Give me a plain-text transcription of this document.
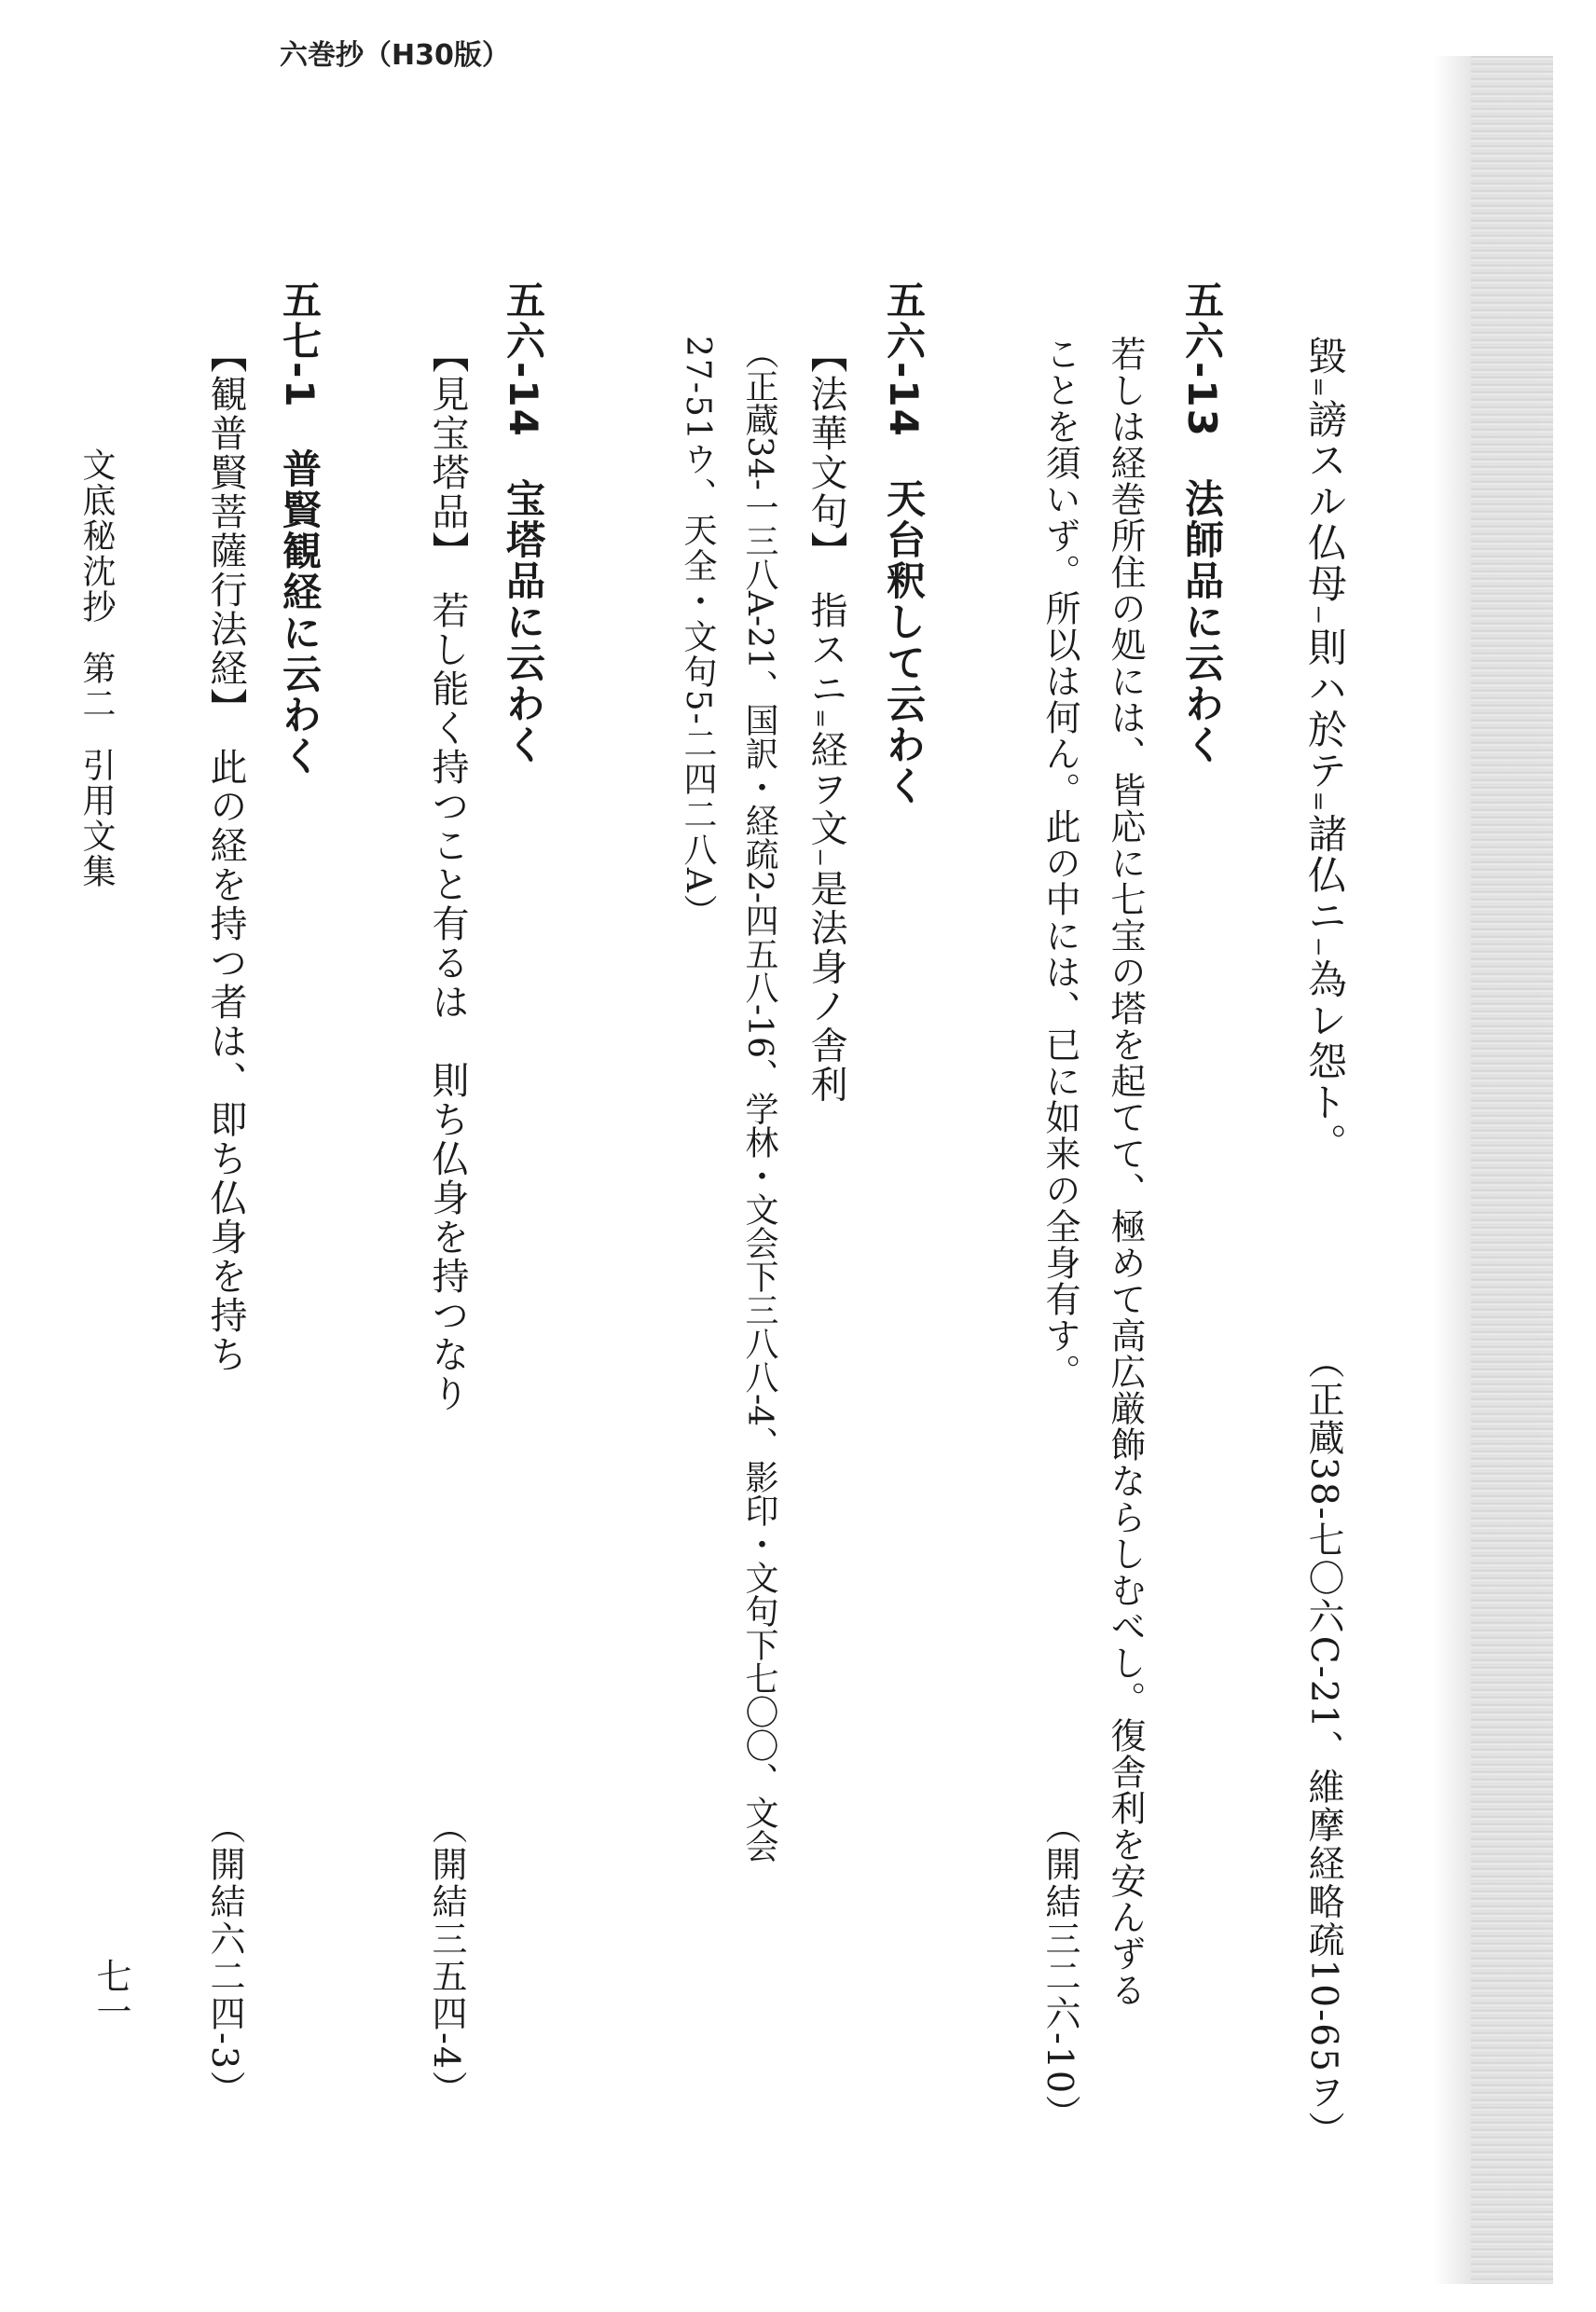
六巻抄（H30版）
毀₌謗スル仏母₋則ハ於テ₌諸仏ニ₋為レ怨ト。
（正蔵38‐七〇六C‐21、維摩経略疏10‐65ヲ）
五六‐13 法師品に云わく
若しは経巻所住の処には、皆応に七宝の塔を起てて、極めて高広厳飾ならしむべし。復舎利を安んずる
ことを須いず。所以は何ん。此の中には、已に如来の全身有す。
（開結三二六‐10）
五六‐14 天台釈して云わく
【法華文句】指スニ₌経ヲ文₋是法身ノ舎利
（正蔵34‐一三八A‐21、国訳・経疏2‐四五八‐16、学林・文会下三八八‐4、影印・文句下七〇〇、文会
27‐51ウ、天全・文句5‐二四二八A）
五六‐14 宝塔品に云わく
【見宝塔品】若し能く持つこと有るは　則ち仏身を持つなり
（開結三五四‐4）
五七‐1 普賢観経に云わく
【観普賢菩薩行法経】此の経を持つ者は、即ち仏身を持ち
（開結六二四‐3）
文底秘沈抄第二引用文集
七一
